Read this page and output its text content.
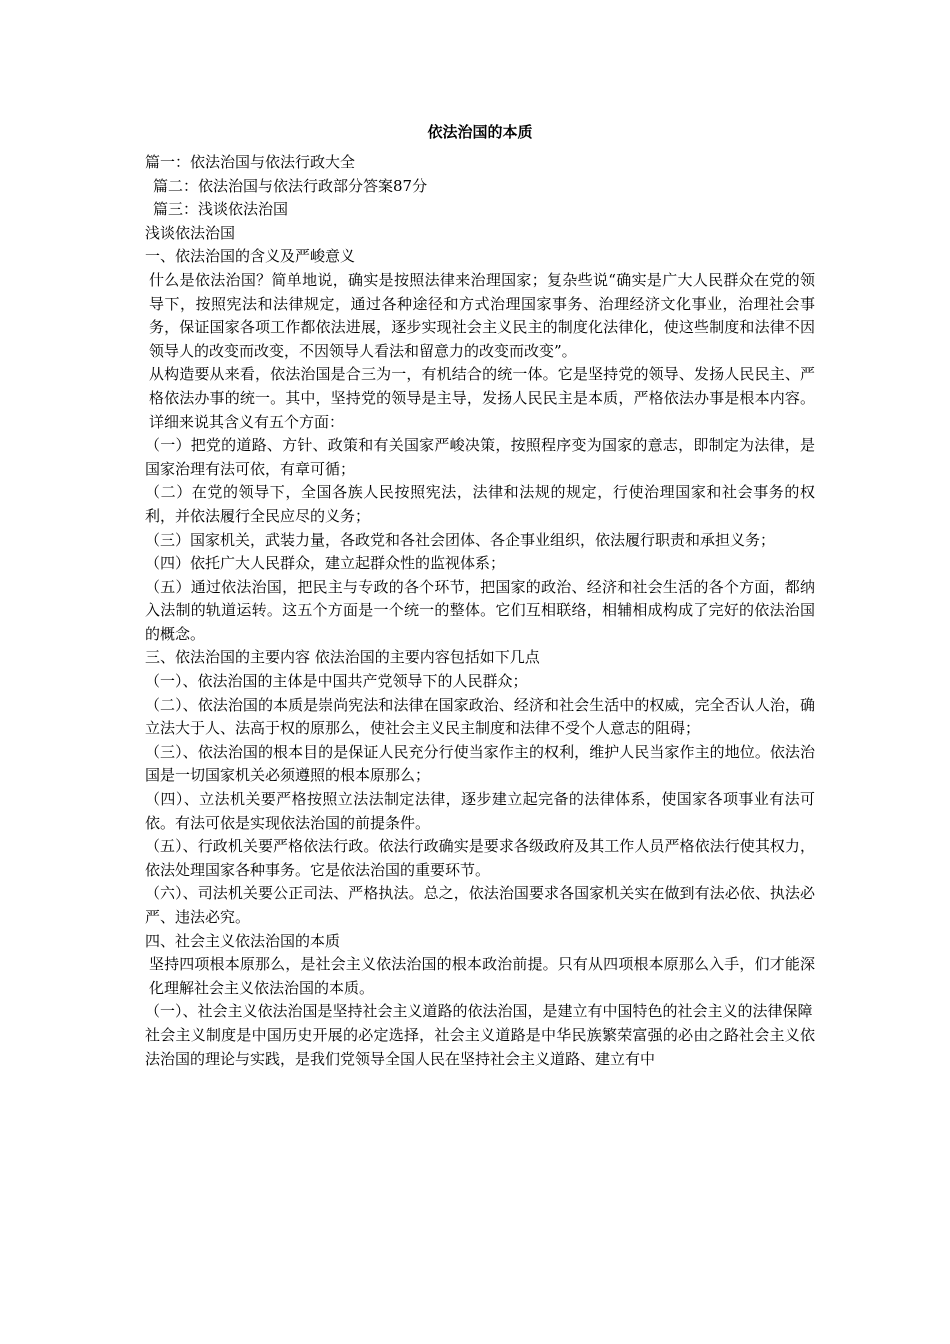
依法治国的本质

篇一：依法治国与依法行政大全

篇二：依法治国与依法行政部分答案87分

篇三：浅谈依法治国

浅谈依法治国

一、依法治国的含义及严峻意义

什么是依法治国？简单地说，确实是按照法律来治理国家；复杂些说“确实是广大人民群众在党的领导下，按照宪法和法律规定，通过各种途径和方式治理国家事务、治理经济文化事业，治理社会事务，保证国家各项工作都依法进展，逐步实现社会主义民主的制度化法律化，使这些制度和法律不因领导人的改变而改变，不因领导人看法和留意力的改变而改变”。

从构造要从来看，依法治国是合三为一，有机结合的统一体。它是坚持党的领导、发扬人民民主、严格依法办事的统一。其中，坚持党的领导是主导，发扬人民民主是本质，严格依法办事是根本内容。详细来说其含义有五个方面：

（一）把党的道路、方针、政策和有关国家严峻决策，按照程序变为国家的意志，即制定为法律，是国家治理有法可依，有章可循；

（二）在党的领导下，全国各族人民按照宪法，法律和法规的规定，行使治理国家和社会事务的权利，并依法履行全民应尽的义务；

（三）国家机关，武装力量，各政党和各社会团体、各企事业组织，依法履行职责和承担义务；

（四）依托广大人民群众，建立起群众性的监视体系；

（五）通过依法治国，把民主与专政的各个环节，把国家的政治、经济和社会生活的各个方面，都纳入法制的轨道运转。这五个方面是一个统一的整体。它们互相联络，相辅相成构成了完好的依法治国的概念。

三、依法治国的主要内容 依法治国的主要内容包括如下几点

（一）、依法治国的主体是中国共产党领导下的人民群众；

（二）、依法治国的本质是崇尚宪法和法律在国家政治、经济和社会生活中的权威，完全否认人治，确立法大于人、法高于权的原那么，使社会主义民主制度和法律不受个人意志的阻碍；

（三）、依法治国的根本目的是保证人民充分行使当家作主的权利，维护人民当家作主的地位。依法治国是一切国家机关必须遵照的根本原那么；

（四）、立法机关要严格按照立法法制定法律，逐步建立起完备的法律体系，使国家各项事业有法可依。有法可依是实现依法治国的前提条件。

（五）、行政机关要严格依法行政。依法行政确实是要求各级政府及其工作人员严格依法行使其权力，依法处理国家各种事务。它是依法治国的重要环节。

（六）、司法机关要公正司法、严格执法。总之，依法治国要求各国家机关实在做到有法必依、执法必严、违法必究。

四、社会主义依法治国的本质

坚持四项根本原那么，是社会主义依法治国的根本政治前提。只有从四项根本原那么入手，们才能深化理解社会主义依法治国的本质。

（一）、社会主义依法治国是坚持社会主义道路的依法治国，是建立有中国特色的社会主义的法律保障

社会主义制度是中国历史开展的必定选择，社会主义道路是中华民族繁荣富强的必由之路社会主义依法治国的理论与实践，是我们党领导全国人民在坚持社会主义道路、建立有中
